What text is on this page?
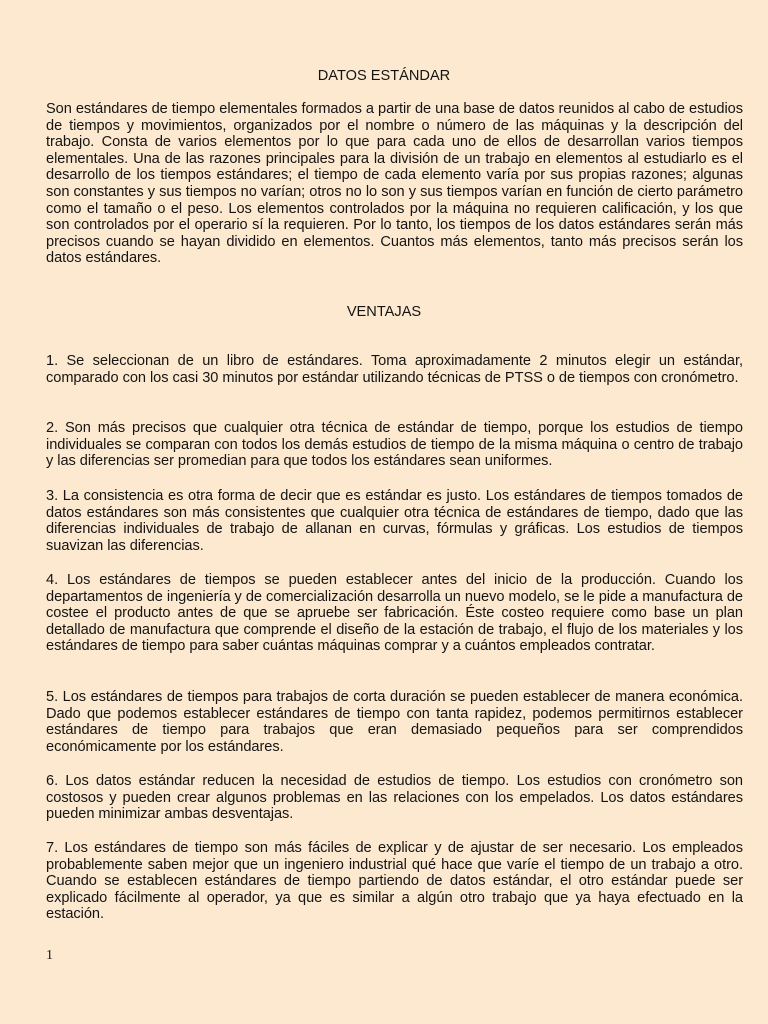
DATOS ESTÁNDAR

Son estándares de tiempo elementales formados a partir de una base de datos reunidos al cabo de estudios de tiempos y movimientos, organizados por el nombre o número de las máquinas y la descripción del trabajo. Consta de varios elementos por lo que para cada uno de ellos de desarrollan varios tiempos elementales. Una de las razones principales para la división de un trabajo en elementos al estudiarlo es el desarrollo de los tiempos estándares; el tiempo de cada elemento varía por sus propias razones; algunas son constantes y sus tiempos no varían; otros no lo son y sus tiempos varían en función de cierto parámetro como el tamaño o el peso. Los elementos controlados por la máquina no requieren calificación, y los que son controlados por el operario sí la requieren. Por lo tanto, los tiempos de los datos estándares serán más precisos cuando se hayan dividido en elementos. Cuantos más elementos, tanto más precisos serán los datos estándares.

VENTAJAS

1. Se seleccionan de un libro de estándares. Toma aproximadamente 2 minutos elegir un estándar, comparado con los casi 30 minutos por estándar utilizando técnicas de PTSS o de tiempos con cronómetro.

2. Son más precisos que cualquier otra técnica de estándar de tiempo, porque los estudios de tiempo individuales se comparan con todos los demás estudios de tiempo de la misma máquina o centro de trabajo y las diferencias ser promedian para que todos los estándares sean uniformes.

3. La consistencia es otra forma de decir que es estándar es justo. Los estándares de tiempos tomados de datos estándares son más consistentes que cualquier otra técnica de estándares de tiempo, dado que las diferencias individuales de trabajo de allanan en curvas, fórmulas y gráficas. Los estudios de tiempos suavizan las diferencias.

4. Los estándares de tiempos se pueden establecer antes del inicio de la producción. Cuando los departamentos de ingeniería y de comercialización desarrolla un nuevo modelo, se le pide a manufactura de costee el producto antes de que se apruebe ser fabricación. Éste costeo requiere como base un plan detallado de manufactura que comprende el diseño de la estación de trabajo, el flujo de los materiales y los estándares de tiempo para saber cuántas máquinas comprar y a cuántos empleados contratar.

5. Los estándares de tiempos para trabajos de corta duración se pueden establecer de manera económica. Dado que podemos establecer estándares de tiempo con tanta rapidez, podemos permitirnos establecer estándares de tiempo para trabajos que eran demasiado pequeños para ser comprendidos económicamente por los estándares.

6. Los datos estándar reducen la necesidad de estudios de tiempo. Los estudios con cronómetro son costosos y pueden crear algunos problemas en las relaciones con los empelados. Los datos estándares pueden minimizar ambas desventajas.

7. Los estándares de tiempo son más fáciles de explicar y de ajustar de ser necesario. Los empleados probablemente saben mejor que un ingeniero industrial qué hace que varíe el tiempo de un trabajo a otro. Cuando se establecen estándares de tiempo partiendo de datos estándar, el otro estándar puede ser explicado fácilmente al operador, ya que es similar a algún otro trabajo que ya haya efectuado en la estación.

1
